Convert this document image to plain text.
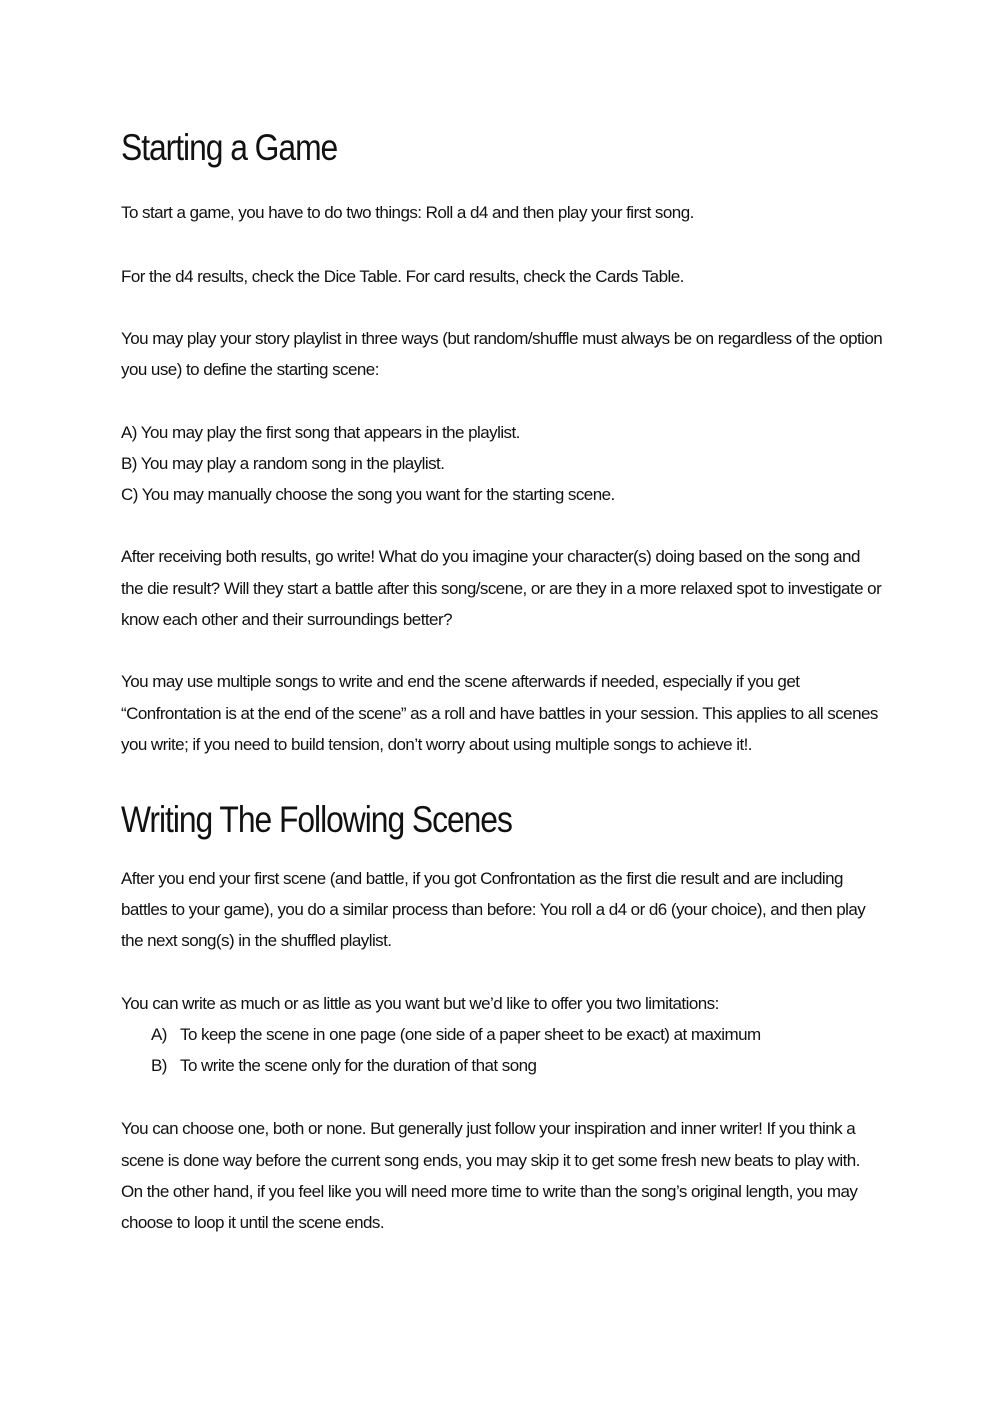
Starting a Game

To start a game, you have to do two things: Roll a d4 and then play your first song.

For the d4 results, check the Dice Table. For card results, check the Cards Table.

You may play your story playlist in three ways (but random/shuffle must always be on regardless of the option you use) to define the starting scene:

A) You may play the first song that appears in the playlist.
B) You may play a random song in the playlist.
C) You may manually choose the song you want for the starting scene.

After receiving both results, go write! What do you imagine your character(s) doing based on the song and the die result? Will they start a battle after this song/scene, or are they in a more relaxed spot to investigate or know each other and their surroundings better?

You may use multiple songs to write and end the scene afterwards if needed, especially if you get “Confrontation is at the end of the scene” as a roll and have battles in your session. This applies to all scenes you write; if you need to build tension, don’t worry about using multiple songs to achieve it!.

Writing The Following Scenes

After you end your first scene (and battle, if you got Confrontation as the first die result and are including battles to your game), you do a similar process than before: You roll a d4 or d6 (your choice), and then play the next song(s) in the shuffled playlist.

You can write as much or as little as you want but we’d like to offer you two limitations:

A) To keep the scene in one page (one side of a paper sheet to be exact) at maximum
B) To write the scene only for the duration of that song

You can choose one, both or none. But generally just follow your inspiration and inner writer! If you think a scene is done way before the current song ends, you may skip it to get some fresh new beats to play with. On the other hand, if you feel like you will need more time to write than the song’s original length, you may choose to loop it until the scene ends.
